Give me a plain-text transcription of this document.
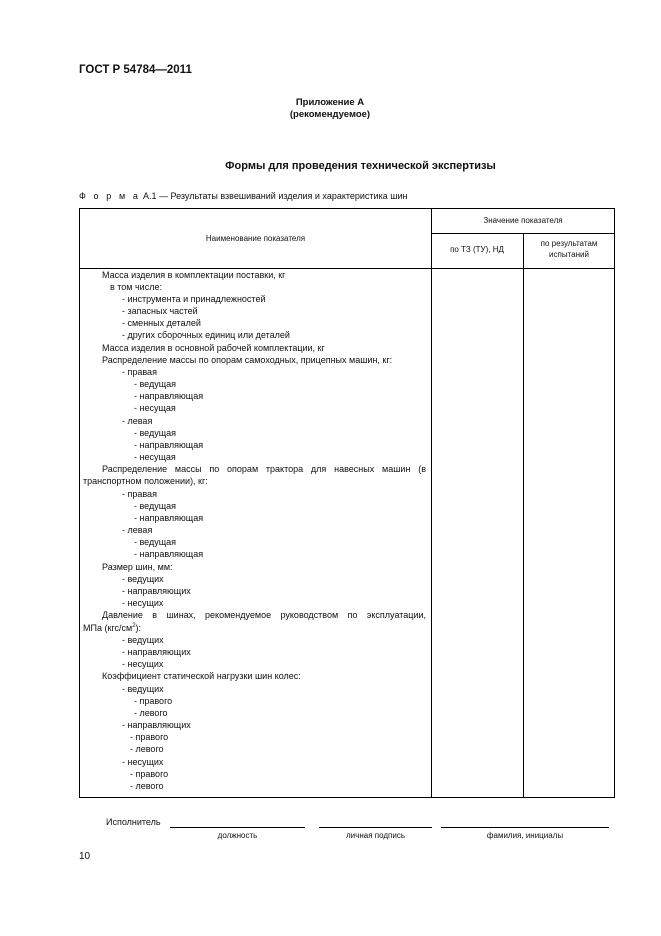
ГОСТ Р 54784—2011
Приложение А
(рекомендуемое)
Формы для проведения технической экспертизы
Ф о р м а А.1 — Результаты взвешиваний изделия и характеристика шин
Наименование показателя
Значение показателя
по ТЗ (ТУ), НД
по результатам
испытаний
Масса изделия в комплектации поставки, кг
в том числе:
- инструмента и принадлежностей
- запасных частей
- сменных деталей
- других сборочных единиц или деталей
Масса изделия в основной рабочей комплектации, кг
Распределение массы по опорам самоходных, прицепных машин, кг:
- правая
- ведущая
- направляющая
- несущая
- левая
- ведущая
- направляющая
- несущая
Распределение массы по опорам трактора для навесных машин (в
транспортном положении), кг:
- правая
- ведущая
- направляющая
- левая
- ведущая
- направляющая
Размер шин, мм:
- ведущих
- направляющих
- несущих
Давление в шинах, рекомендуемое руководством по эксплуатации,
МПа $(кгс/см^2)$:
- ведущих
- направляющих
- несущих
Коэффициент статической нагрузки шин колес:
- ведущих
- правого
- левого
- направляющих
- правого
- левого
- несущих
- правого
- левого
Исполнитель
должность	личная подпись	фамилия, инициалы
10
